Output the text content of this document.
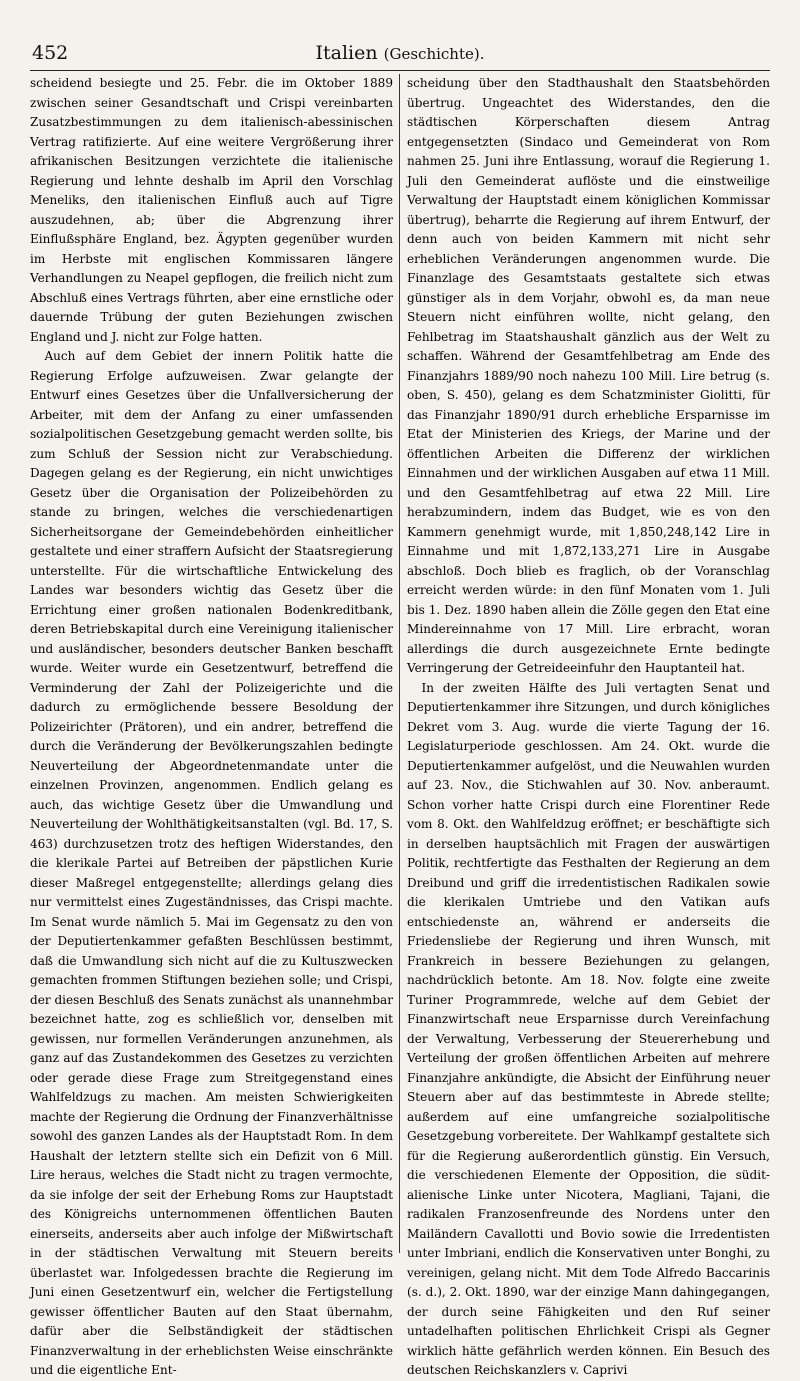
452	Italien (Geschichte).

scheidend besiegte und 25. Febr. die im Oktober 1889 zwischen seiner Gesandtschaft und Crispi vereinbarten Zusatzbestimmungen zu dem italienisch-abessinischen Vertrag ratifizierte. Auf eine weitere Vergrößerung ihrer afrikanischen Besitzungen verzichtete die italienische Regierung und lehnte deshalb im April den Vorschlag Meneliks, den italienischen Einfluß auch auf Tigre auszudehnen, ab; über die Abgrenzung ihrer Einflußsphäre England, bez. Ägypten gegenüber wurden im Herbste mit englischen Kommissaren längere Verhandlungen zu Neapel gepflogen, die freilich nicht zum Abschluß eines Vertrags führten, aber eine ernstliche oder dauernde Trübung der guten Beziehungen zwischen England und J. nicht zur Folge hatten.

Auch auf dem Gebiet der innern Politik hatte die Regierung Erfolge aufzuweisen. Zwar gelangte der Entwurf eines Gesetzes über die Unfallversicherung der Arbeiter, mit dem der Anfang zu einer umfassenden sozialpolitischen Gesetzgebung gemacht werden sollte, bis zum Schluß der Session nicht zur Verabschiedung. Dagegen gelang es der Regierung, ein nicht unwichtiges Gesetz über die Organisation der Polizeibehörden zu stande zu bringen, welches die verschiedenartigen Sicherheitsorgane der Gemeindebehörden einheitlicher gestaltete und einer straffern Aufsicht der Staatsregierung unterstellte. Für die wirtschaftliche Entwickelung des Landes war besonders wichtig das Gesetz über die Errichtung einer großen nationalen Bodenkreditbank, deren Betriebskapital durch eine Vereinigung italienischer und ausländischer, besonders deutscher Banken beschafft wurde. Weiter wurde ein Gesetzentwurf, betreffend die Verminderung der Zahl der Polizeigerichte und die dadurch zu ermöglichende bessere Besoldung der Polizeirichter (Prätoren), und ein andrer, betreffend die durch die Veränderung der Bevölkerungszahlen bedingte Neuverteilung der Abgeordnetenmandate unter die einzelnen Provinzen, angenommen. Endlich gelang es auch, das wichtige Gesetz über die Umwandlung und Neuverteilung der Wohlthätigkeitsanstalten (vgl. Bd. 17, S. 463) durchzusetzen trotz des heftigen Widerstandes, den die klerikale Partei auf Betreiben der päpstlichen Kurie dieser Maßregel entgegenstellte; allerdings gelang dies nur vermittelst eines Zugeständnisses, das Crispi machte. Im Senat wurde nämlich 5. Mai im Gegensatz zu den von der Deputiertenkammer gefaßten Beschlüssen bestimmt, daß die Umwandlung sich nicht auf die zu Kultuszwecken gemachten frommen Stiftungen beziehen solle; und Crispi, der diesen Beschluß des Senats zunächst als unannehmbar bezeichnet hatte, zog es schließlich vor, denselben mit gewissen, nur formellen Veränderungen anzunehmen, als ganz auf das Zustandekommen des Gesetzes zu verzichten oder gerade diese Frage zum Streitgegenstand eines Wahlfeldzugs zu machen. Am meisten Schwierigkeiten machte der Regierung die Ordnung der Finanzverhältnisse sowohl des ganzen Landes als der Hauptstadt Rom. In dem Haushalt der letztern stellte sich ein Defizit von 6 Mill. Lire heraus, welches die Stadt nicht zu tragen vermochte, da sie infolge der seit der Erhebung Roms zur Hauptstadt des Königreichs unternommenen öffentlichen Bauten einerseits, anderseits aber auch infolge der Mißwirtschaft in der städtischen Verwaltung mit Steuern bereits überlastet war. Infolgedessen brachte die Regierung im Juni einen Gesetzentwurf ein, welcher die Fertigstellung gewisser öffentlicher Bauten auf den Staat übernahm, dafür aber die Selbständigkeit der städtischen Finanzverwaltung in der erheblichsten Weise einschränkte und die eigentliche Ent-

scheidung über den Stadthaushalt den Staatsbehörden übertrug. Ungeachtet des Widerstandes, den die städtischen Körperschaften diesem Antrag entgegensetzten (Sindaco und Gemeinderat von Rom nahmen 25. Juni ihre Entlassung, worauf die Regierung 1. Juli den Gemeinderat auflöste und die einstweilige Verwaltung der Hauptstadt einem königlichen Kommissar übertrug), beharrte die Regierung auf ihrem Entwurf, der denn auch von beiden Kammern mit nicht sehr erheblichen Veränderungen angenommen wurde. Die Finanzlage des Gesamtstaats gestaltete sich etwas günstiger als in dem Vorjahr, obwohl es, da man neue Steuern nicht einführen wollte, nicht gelang, den Fehlbetrag im Staatshaushalt gänzlich aus der Welt zu schaffen. Während der Gesamtfehlbetrag am Ende des Finanzjahrs 1889/90 noch nahezu 100 Mill. Lire betrug (s. oben, S. 450), gelang es dem Schatzminister Giolitti, für das Finanzjahr 1890/91 durch erhebliche Ersparnisse im Etat der Ministerien des Kriegs, der Marine und der öffentlichen Arbeiten die Differenz der wirklichen Einnahmen und der wirklichen Ausgaben auf etwa 11 Mill. und den Gesamtfehlbetrag auf etwa 22 Mill. Lire herabzumindern, indem das Budget, wie es von den Kammern genehmigt wurde, mit 1,850,248,142 Lire in Einnahme und mit 1,872,133,271 Lire in Ausgabe abschloß. Doch blieb es fraglich, ob der Voranschlag erreicht werden würde: in den fünf Monaten vom 1. Juli bis 1. Dez. 1890 haben allein die Zölle gegen den Etat eine Mindereinnahme von 17 Mill. Lire erbracht, woran allerdings die durch ausgezeichnete Ernte bedingte Verringerung der Getreideeinfuhr den Hauptanteil hat.

In der zweiten Hälfte des Juli vertagten Senat und Deputiertenkammer ihre Sitzungen, und durch königliches Dekret vom 3. Aug. wurde die vierte Tagung der 16. Legislaturperiode geschlossen. Am 24. Okt. wurde die Deputiertenkammer aufgelöst, und die Neuwahlen wurden auf 23. Nov., die Stichwahlen auf 30. Nov. anberaumt. Schon vorher hatte Crispi durch eine Florentiner Rede vom 8. Okt. den Wahlfeldzug eröffnet; er beschäftigte sich in derselben hauptsächlich mit Fragen der auswärtigen Politik, rechtfertigte das Festhalten der Regierung an dem Dreibund und griff die irredentistischen Radikalen sowie die klerikalen Umtriebe und den Vatikan aufs entschiedenste an, während er anderseits die Friedensliebe der Regierung und ihren Wunsch, mit Frankreich in bessere Beziehungen zu gelangen, nachdrücklich betonte. Am 18. Nov. folgte eine zweite Turiner Programmrede, welche auf dem Gebiet der Finanzwirtschaft neue Ersparnisse durch Vereinfachung der Verwaltung, Verbesserung der Steuererhebung und Verteilung der großen öffentlichen Arbeiten auf mehrere Finanzjahre ankündigte, die Absicht der Einführung neuer Steuern aber auf das bestimmteste in Abrede stellte; außerdem auf eine umfangreiche sozialpolitische Gesetzgebung vorbereitete. Der Wahlkampf gestaltete sich für die Regierung außerordentlich günstig. Ein Versuch, die verschiedenen Elemente der Opposition, die süditalienische Linke unter Nicotera, Magliani, Tajani, die radikalen Franzosenfreunde des Nordens unter den Mailändern Cavallotti und Bovio sowie die Irredentisten unter Imbriani, endlich die Konservativen unter Bonghi, zu vereinigen, gelang nicht. Mit dem Tode Alfredo Baccarinis (s. d.), 2. Okt. 1890, war der einzige Mann dahingegangen, der durch seine Fähigkeiten und den Ruf seiner untadelhaften politischen Ehrlichkeit Crispi als Gegner wirklich hätte gefährlich werden können. Ein Besuch des deutschen Reichskanzlers v. Caprivi
